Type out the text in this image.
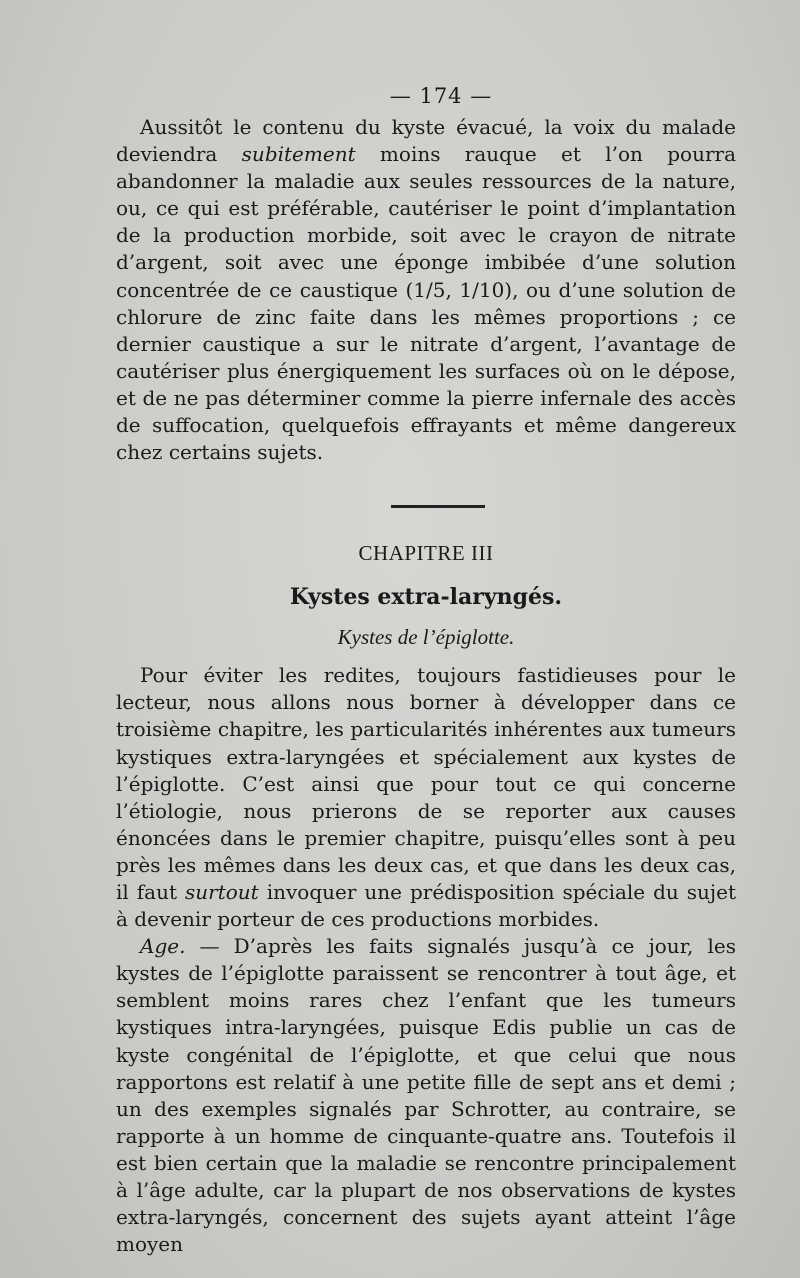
— 174 —

Aussitôt le contenu du kyste évacué, la voix du malade deviendra subitement moins rauque et l’on pourra abandonner la maladie aux seules ressources de la nature, ou, ce qui est préférable, cautériser le point d’implantation de la production morbide, soit avec le crayon de nitrate d’argent, soit avec une éponge imbibée d’une solution concentrée de ce caustique (1/5, 1/10), ou d’une solution de chlorure de zinc faite dans les mêmes proportions ; ce dernier caustique a sur le nitrate d’argent, l’avantage de cautériser plus énergiquement les surfaces où on le dépose, et de ne pas déterminer comme la pierre infernale des accès de suffocation, quelquefois effrayants et même dangereux chez certains sujets.

CHAPITRE III
Kystes extra-laryngés.
Kystes de l’épiglotte.

Pour éviter les redites, toujours fastidieuses pour le lecteur, nous allons nous borner à développer dans ce troisième chapitre, les particularités inhérentes aux tumeurs kystiques extra-laryngées et spécialement aux kystes de l’épiglotte. C’est ainsi que pour tout ce qui concerne l’étiologie, nous prierons de se reporter aux causes énoncées dans le premier chapitre, puisqu’elles sont à peu près les mêmes dans les deux cas, et que dans les deux cas, il faut surtout invoquer une prédisposition spéciale du sujet à devenir porteur de ces productions morbides.

Age. — D’après les faits signalés jusqu’à ce jour, les kystes de l’épiglotte paraissent se rencontrer à tout âge, et semblent moins rares chez l’enfant que les tumeurs kystiques intra-laryngées, puisque Edis publie un cas de kyste congénital de l’épiglotte, et que celui que nous rapportons est relatif à une petite fille de sept ans et demi ; un des exemples signalés par Schrotter, au contraire, se rapporte à un homme de cinquante-quatre ans. Toutefois il est bien certain que la maladie se rencontre principalement à l’âge adulte, car la plupart de nos observations de kystes extra-laryngés, concernent des sujets ayant atteint l’âge moyen
